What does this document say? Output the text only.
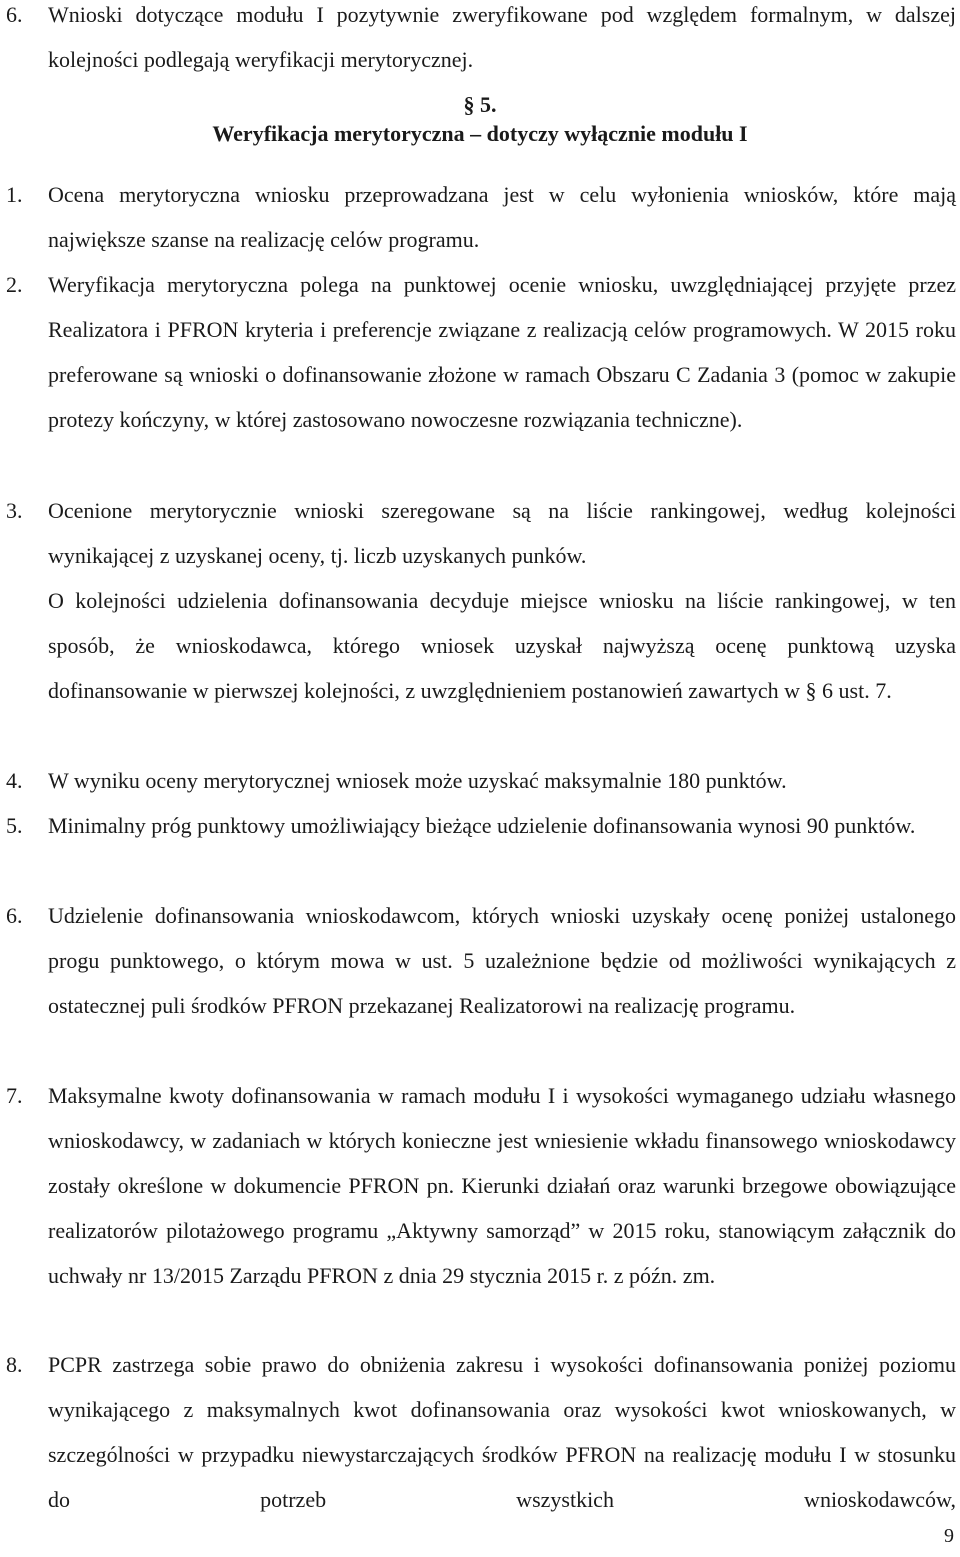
6. Wnioski dotyczące modułu I pozytywnie zweryfikowane pod względem formalnym, w dalszej kolejności podlegają weryfikacji merytorycznej.
§ 5.
Weryfikacja merytoryczna – dotyczy wyłącznie modułu I
1. Ocena merytoryczna wniosku przeprowadzana jest w celu wyłonienia wniosków, które mają największe szanse na realizację celów programu.
2. Weryfikacja merytoryczna polega na punktowej ocenie wniosku, uwzględniającej przyjęte przez Realizatora i PFRON kryteria i preferencje związane z realizacją celów programowych. W 2015 roku preferowane są wnioski o dofinansowanie złożone w ramach Obszaru C Zadania 3 (pomoc w zakupie protezy kończyny, w której zastosowano nowoczesne rozwiązania techniczne).
3. Ocenione merytorycznie wnioski szeregowane są na liście rankingowej, według kolejności wynikającej z uzyskanej oceny, tj. liczb uzyskanych punków.
O kolejności udzielenia dofinansowania decyduje miejsce wniosku na liście rankingowej, w ten sposób, że wnioskodawca, którego wniosek uzyskał najwyższą ocenę punktową uzyska dofinansowanie w pierwszej kolejności, z uwzględnieniem postanowień zawartych w § 6 ust. 7.
4. W wyniku oceny merytorycznej wniosek może uzyskać maksymalnie 180 punktów.
5. Minimalny próg punktowy umożliwiający bieżące udzielenie dofinansowania wynosi 90 punktów.
6. Udzielenie dofinansowania wnioskodawcom, których wnioski uzyskały ocenę poniżej ustalonego progu punktowego, o którym mowa w ust. 5 uzależnione będzie od możliwości wynikających z ostatecznej puli środków PFRON przekazanej Realizatorowi na realizację programu.
7. Maksymalne kwoty dofinansowania w ramach modułu I i wysokości wymaganego udziału własnego wnioskodawcy, w zadaniach w których konieczne jest wniesienie wkładu finansowego wnioskodawcy zostały określone w dokumencie PFRON pn. Kierunki działań oraz warunki brzegowe obowiązujące realizatorów pilotażowego programu „Aktywny samorząd” w 2015 roku, stanowiącym załącznik do uchwały nr 13/2015 Zarządu PFRON z dnia 29 stycznia 2015 r. z późn. zm.
8. PCPR zastrzega sobie prawo do obniżenia zakresu i wysokości dofinansowania poniżej poziomu wynikającego z maksymalnych kwot dofinansowania oraz wysokości kwot wnioskowanych, w szczególności w przypadku niewystarczających środków PFRON na realizację modułu I w stosunku do potrzeb wszystkich wnioskodawców,
9
